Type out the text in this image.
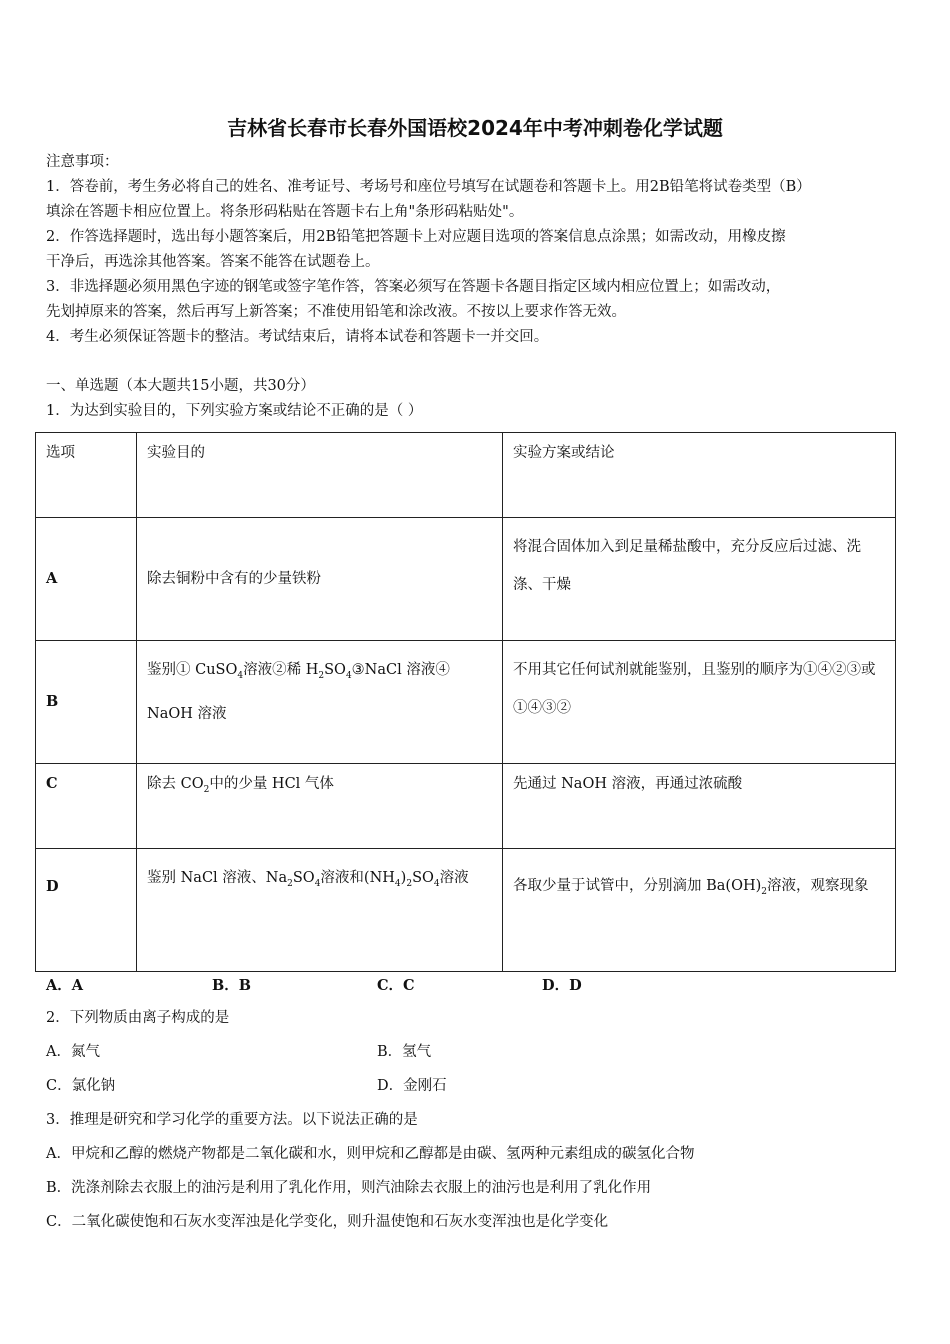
吉林省长春市长春外国语校2024年中考冲刺卷化学试题
注意事项：
1．答卷前，考生务必将自己的姓名、准考证号、考场号和座位号填写在试题卷和答题卡上。用2B铅笔将试卷类型（B）
填涂在答题卡相应位置上。将条形码粘贴在答题卡右上角"条形码粘贴处"。
2．作答选择题时，选出每小题答案后，用2B铅笔把答题卡上对应题目选项的答案信息点涂黑；如需改动，用橡皮擦
干净后，再选涂其他答案。答案不能答在试题卷上。
3．非选择题必须用黑色字迹的钢笔或签字笔作答，答案必须写在答题卡各题目指定区域内相应位置上；如需改动，
先划掉原来的答案，然后再写上新答案；不准使用铅笔和涂改液。不按以上要求作答无效。
4．考生必须保证答题卡的整洁。考试结束后，请将本试卷和答题卡一并交回。
一、单选题（本大题共15小题，共30分）
1．为达到实验目的，下列实验方案或结论不正确的是（ ）
选项	实验目的	实验方案或结论
A	除去铜粉中含有的少量铁粉	将混合固体加入到足量稀盐酸中，充分反应后过滤、洗涤、干燥
B	鉴别① CuSO$_4$溶液②稀 $H_2SO_4③NaCl$ 溶液④ NaOH 溶液	不用其它任何试剂就能鉴别，且鉴别的顺序为①④②③或①④③②
C	除去 $CO_2$中的少量 HCl 气体	先通过 NaOH 溶液，再通过浓硫酸
D	鉴别 NaCl 溶液、$Na_2SO_4$溶液和$(NH_4)_2SO_4$溶液	各取少量于试管中，分别滴加 $Ba(OH)_2$溶液，观察现象
A．A	B．B	C．C	D．D
2．下列物质由离子构成的是
A．氮气	B．氢气
C．氯化钠	D．金刚石
3．推理是研究和学习化学的重要方法。以下说法正确的是
A．甲烷和乙醇的燃烧产物都是二氧化碳和水，则甲烷和乙醇都是由碳、氢两种元素组成的碳氢化合物
B．洗涤剂除去衣服上的油污是利用了乳化作用，则汽油除去衣服上的油污也是利用了乳化作用
C．二氧化碳使饱和石灰水变浑浊是化学变化，则升温使饱和石灰水变浑浊也是化学变化
